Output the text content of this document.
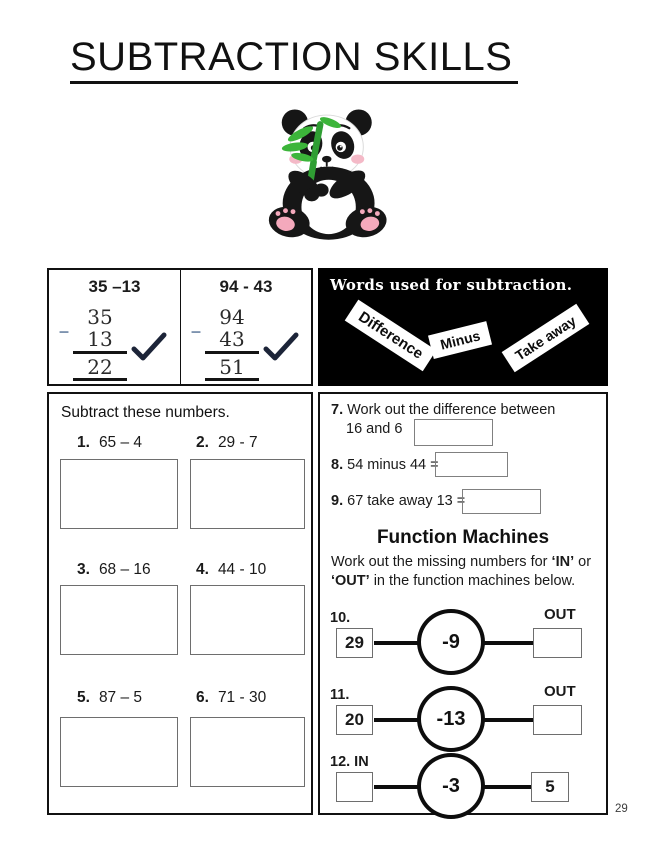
SUBTRACTION SKILLS
35 –13
–
35
13
22
94 - 43
–
94
43
51
Words used for subtraction.
Difference Minus	Take away
Subtract these numbers.
1. 65 – 4	2. 29 - 7
3. 68 – 16	4. 44 - 10
5. 87 – 5	6. 71 - 30
7. Work out the difference between
16 and 6
8. 54 minus 44 =
9. 67 take away 13 =
Function Machines
Work out the missing numbers for ‘IN’ or ‘OUT’ in the function machines below.
10.
29	-9
OUT
11.
20	-13
OUT
12. IN
-3	5
29
